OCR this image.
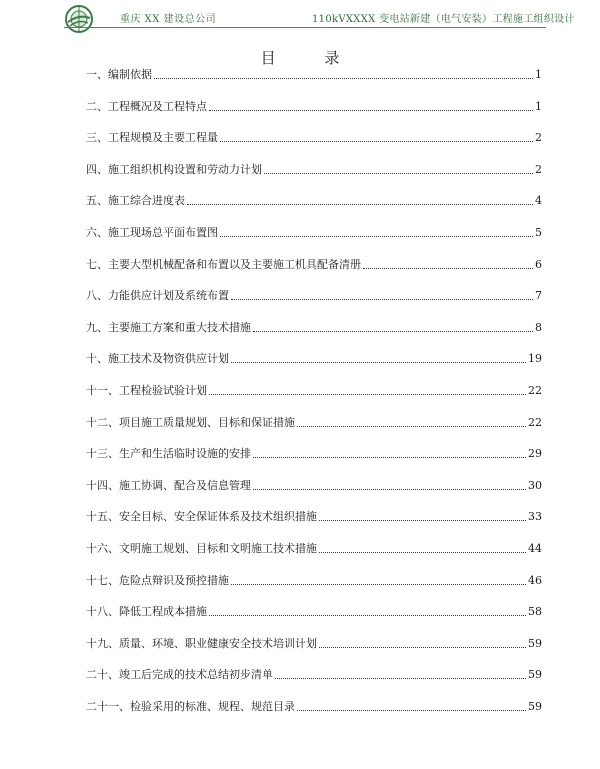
重庆 XX 建设总公司	110kVXXXX 变电站新建（电气安装）工程施工组织设计
目 录
一、编制依据	1
二、工程概况及工程特点	1
三、工程规模及主要工程量	2
四、施工组织机构设置和劳动力计划	2
五、施工综合进度表	4
六、施工现场总平面布置图	5
七、主要大型机械配备和布置以及主要施工机具配备清册	6
八、力能供应计划及系统布置	7
九、主要施工方案和重大技术措施	8
十、施工技术及物资供应计划	19
十一、工程检验试验计划	22
十二、项目施工质量规划、目标和保证措施	22
十三、生产和生活临时设施的安排	29
十四、施工协调、配合及信息管理	30
十五、安全目标、安全保证体系及技术组织措施	33
十六、文明施工规划、目标和文明施工技术措施	44
十七、危险点辩识及预控措施	46
十八、降低工程成本措施	58
十九、质量、环境、职业健康安全技术培训计划	59
二十、竣工后完成的技术总结初步清单	59
二十一、检验采用的标准、规程、规范目录	59
